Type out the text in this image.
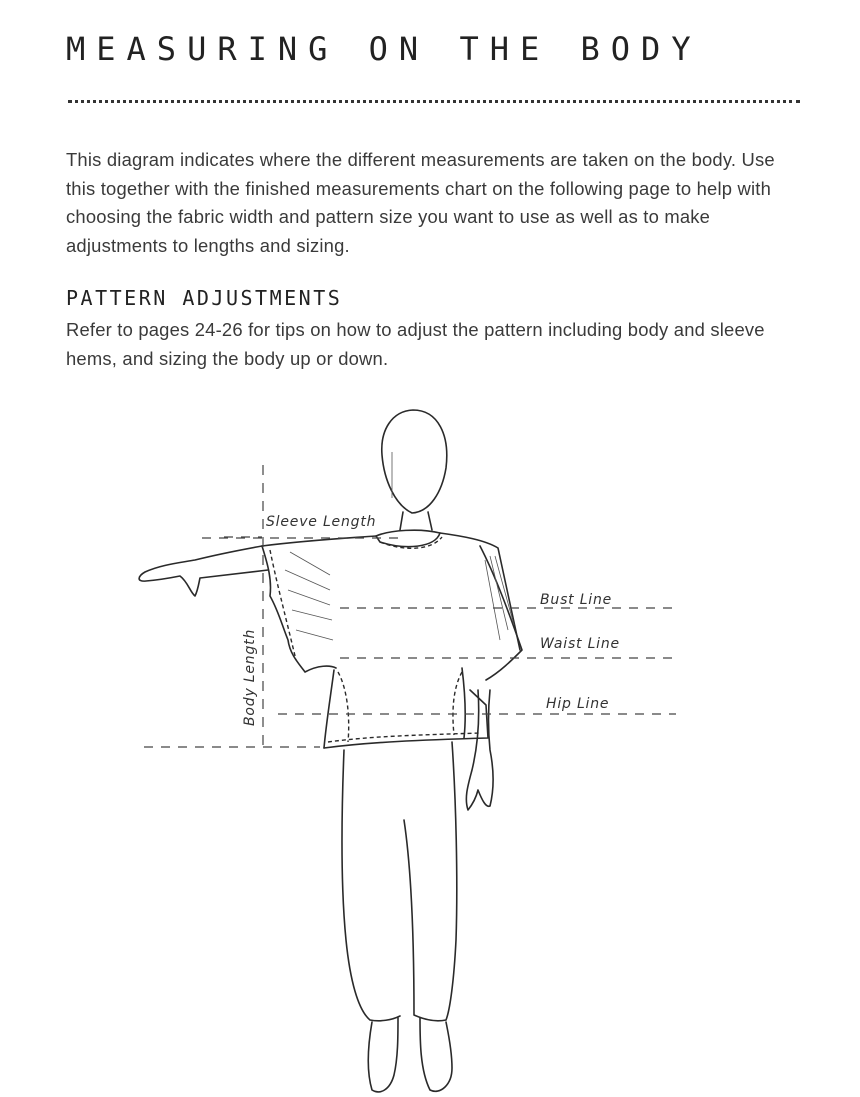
MEASURING ON THE BODY

This diagram indicates where the different measurements are taken on the body. Use this together with the finished measurements chart on the following page to help with choosing the fabric width and pattern size you want to use as well as to make adjustments to lengths and sizing.

PATTERN ADJUSTMENTS

Refer to pages 24-26 for tips on how to adjust the pattern including body and sleeve hems, and sizing the body up or down.

Sleeve Length
Bust Line
Waist Line
Hip Line
Body Length
